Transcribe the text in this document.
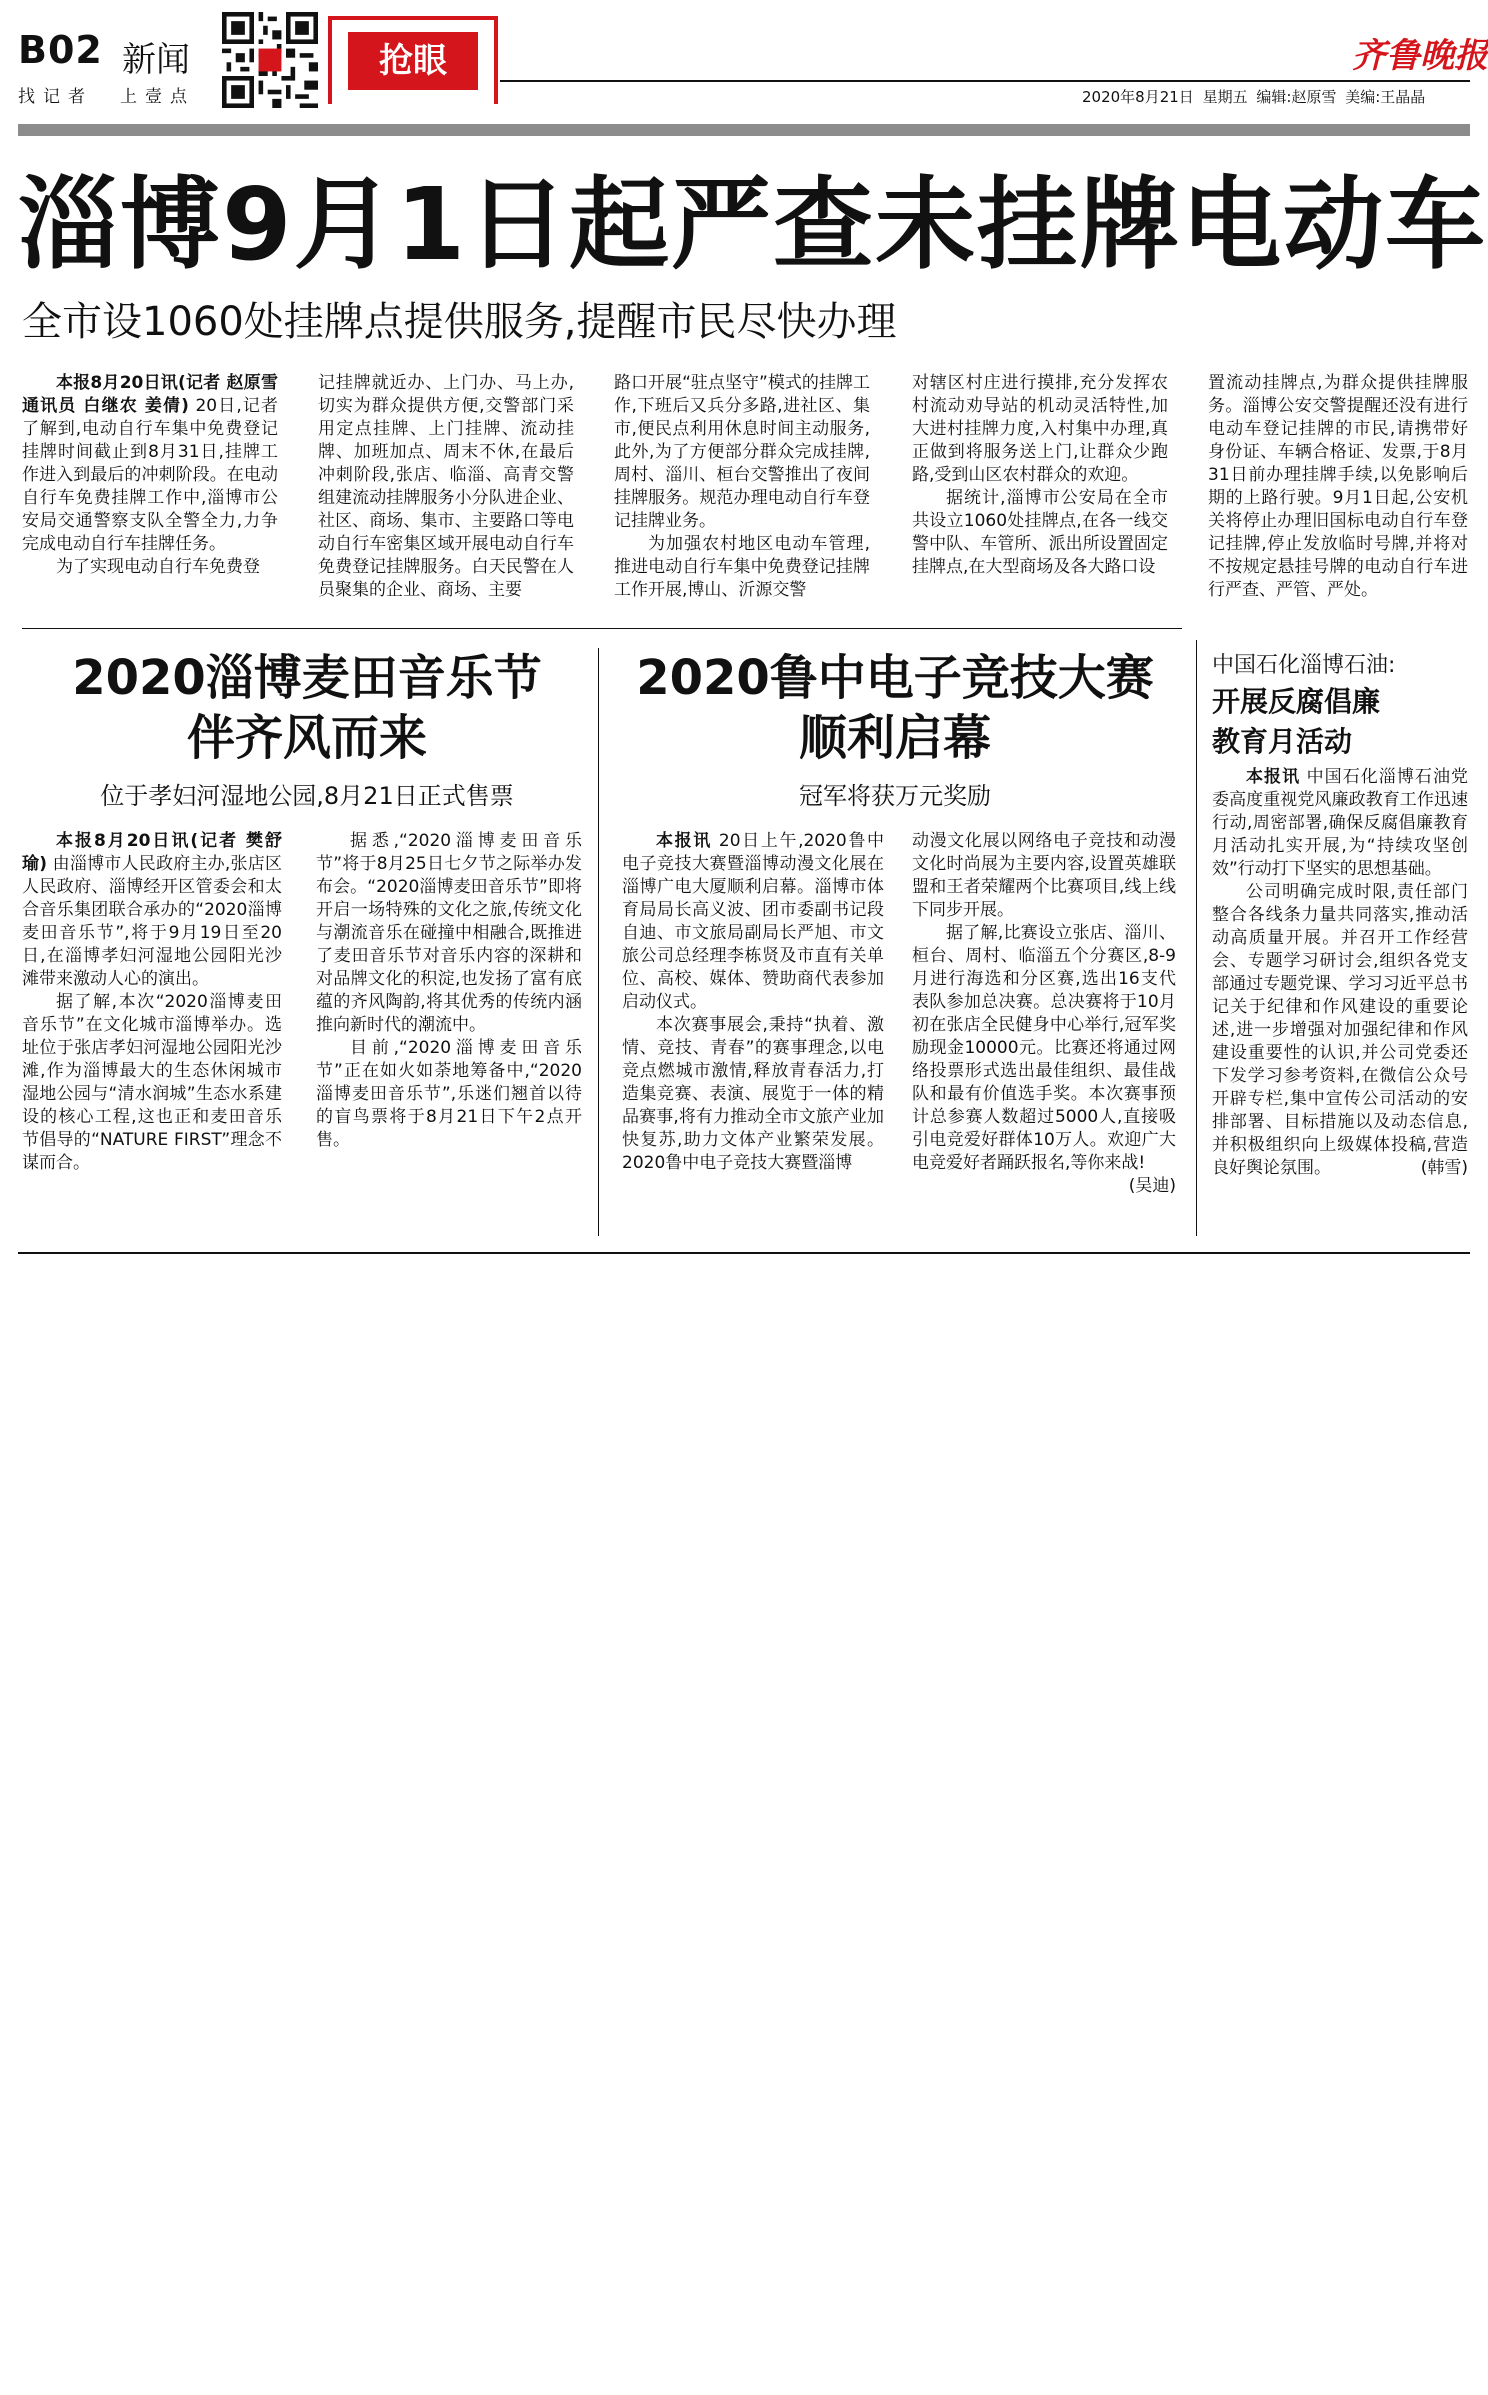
B02 新闻
找记者 上壹点
抢眼
2020年8月21日 星期五 编辑:赵原雪 美编:王晶晶
齐鲁晚报
淄博9月1日起严查未挂牌电动车
全市设1060处挂牌点提供服务,提醒市民尽快办理

本报8月20日讯(记者 赵原雪 通讯员 白继农 姜倩) 20日,记者了解到,电动自行车集中免费登记挂牌时间截止到8月31日,挂牌工作进入到最后的冲刺阶段。在电动自行车免费挂牌工作中,淄博市公安局交通警察支队全警全力,力争完成电动自行车挂牌任务。

为了实现电动自行车免费登

记挂牌就近办、上门办、马上办,切实为群众提供方便,交警部门采用定点挂牌、上门挂牌、流动挂牌、加班加点、周末不休,在最后冲刺阶段,张店、临淄、高青交警组建流动挂牌服务小分队进企业、社区、商场、集市、主要路口等电动自行车密集区域开展电动自行车免费登记挂牌服务。白天民警在人员聚集的企业、商场、主要
路口开展“驻点坚守”模式的挂牌工作,下班后又兵分多路,进社区、集市,便民点利用休息时间主动服务,此外,为了方便部分群众完成挂牌,周村、淄川、桓台交警推出了夜间挂牌服务。规范办理电动自行车登记挂牌业务。

为加强农村地区电动车管理,推进电动自行车集中免费登记挂牌工作开展,博山、沂源交警

对辖区村庄进行摸排,充分发挥农村流动劝导站的机动灵活特性,加大进村挂牌力度,入村集中办理,真正做到将服务送上门,让群众少跑路,受到山区农村群众的欢迎。

据统计,淄博市公安局在全市共设立1060处挂牌点,在各一线交警中队、车管所、派出所设置固定挂牌点,在大型商场及各大路口设

置流动挂牌点,为群众提供挂牌服务。淄博公安交警提醒还没有进行电动车登记挂牌的市民,请携带好身份证、车辆合格证、发票,于8月31日前办理挂牌手续,以免影响后期的上路行驶。9月1日起,公安机关将停止办理旧国标电动自行车登记挂牌,停止发放临时号牌,并将对不按规定悬挂号牌的电动自行车进行严查、严管、严处。
2020淄博麦田音乐节
伴齐风而来
位于孝妇河湿地公园,8月21日正式售票

本报8月20日讯(记者 樊舒瑜) 由淄博市人民政府主办,张店区人民政府、淄博经开区管委会和太合音乐集团联合承办的“2020淄博麦田音乐节”,将于9月19日至20日,在淄博孝妇河湿地公园阳光沙滩带来激动人心的演出。

据了解,本次“2020淄博麦田音乐节”在文化城市淄博举办。选址位于张店孝妇河湿地公园阳光沙滩,作为淄博最大的生态休闲城市湿地公园与“清水润城”生态水系建设的核心工程,这也正和麦田音乐节倡导的“NATURE FIRST”理念不谋而合。

据悉,“2020淄博麦田音乐节”将于8月25日七夕节之际举办发布会。“2020淄博麦田音乐节”即将开启一场特殊的文化之旅,传统文化与潮流音乐在碰撞中相融合,既推进了麦田音乐节对音乐内容的深耕和对品牌文化的积淀,也发扬了富有底蕴的齐风陶韵,将其优秀的传统内涵推向新时代的潮流中。

目前,“2020淄博麦田音乐节”正在如火如荼地筹备中,“2020淄博麦田音乐节”,乐迷们翘首以待的盲鸟票将于8月21日下午2点开售。

2020鲁中电子竞技大赛
顺利启幕
冠军将获万元奖励

本报讯 20日上午,2020鲁中电子竞技大赛暨淄博动漫文化展在淄博广电大厦顺利启幕。淄博市体育局局长高义波、团市委副书记段自迪、市文旅局副局长严旭、市文旅公司总经理李栋贤及市直有关单位、高校、媒体、赞助商代表参加启动仪式。

本次赛事展会,秉持“执着、激情、竞技、青春”的赛事理念,以电竞点燃城市激情,释放青春活力,打造集竞赛、表演、展览于一体的精品赛事,将有力推动全市文旅产业加快复苏,助力文体产业繁荣发展。2020鲁中电子竞技大赛暨淄博

动漫文化展以网络电子竞技和动漫文化时尚展为主要内容,设置英雄联盟和王者荣耀两个比赛项目,线上线下同步开展。

据了解,比赛设立张店、淄川、桓台、周村、临淄五个分赛区,8-9月进行海选和分区赛,选出16支代表队参加总决赛。总决赛将于10月初在张店全民健身中心举行,冠军奖励现金10000元。比赛还将通过网络投票形式选出最佳组织、最佳战队和最有价值选手奖。本次赛事预计总参赛人数超过5000人,直接吸引电竞爱好群体10万人。欢迎广大电竞爱好者踊跃报名,等你来战!
(吴迪)

中国石化淄博石油:
开展反腐倡廉
教育月活动

本报讯 中国石化淄博石油党委高度重视党风廉政教育工作迅速行动,周密部署,确保反腐倡廉教育月活动扎实开展,为“持续攻坚创效”行动打下坚实的思想基础。

公司明确完成时限,责任部门整合各线条力量共同落实,推动活动高质量开展。并召开工作经营会、专题学习研讨会,组织各党支部通过专题党课、学习习近平总书记关于纪律和作风建设的重要论述,进一步增强对加强纪律和作风建设重要性的认识,并公司党委还下发学习参考资料,在微信公众号开辟专栏,集中宣传公司活动的安排部署、目标措施以及动态信息,并积极组织向上级媒体投稿,营造良好舆论氛围。	(韩雪)
